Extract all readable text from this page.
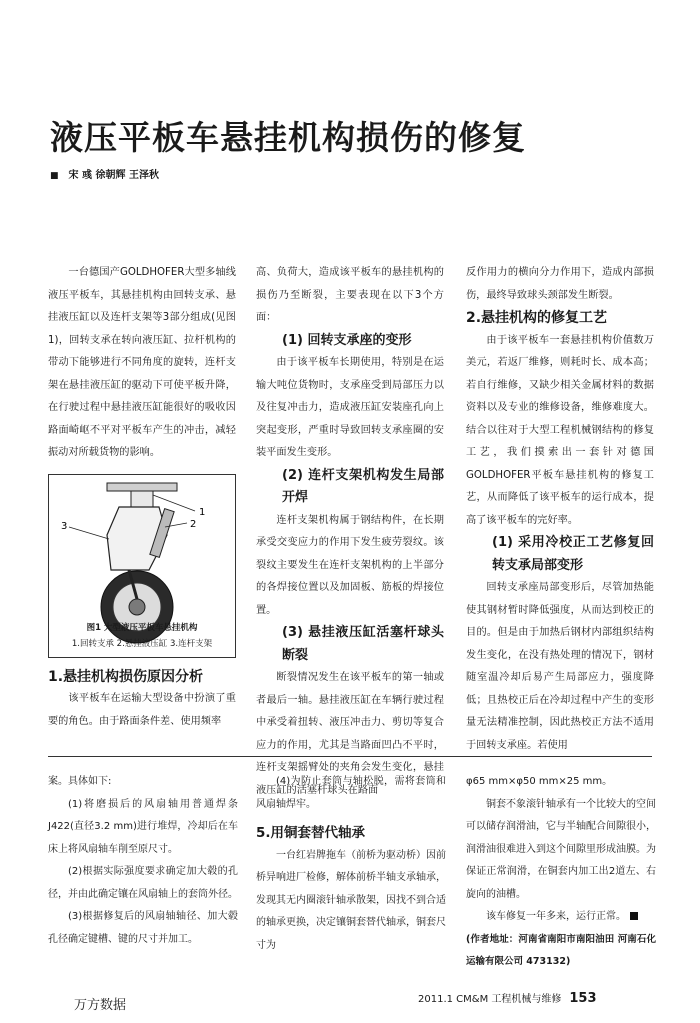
液压平板车悬挂机构损伤的修复
■ 宋 彧 徐朝辉 王泽秋

一台德国产GOLDHOFER大型多轴线液压平板车，其悬挂机构由回转支承、悬挂液压缸以及连杆支架等3部分组成(见图1)，回转支承在转向液压缸、拉杆机构的带动下能够进行不同角度的旋转，连杆支架在悬挂液压缸的驱动下可使平板升降，在行驶过程中悬挂液压缸能很好的吸收因路面崎岖不平对平板车产生的冲击，减轻振动对所载货物的影响。

1
2
3
图1 大型液压平板车悬挂机构
1.回转支承 2.悬挂液压缸 3.连杆支架
1.悬挂机构损伤原因分析

该平板车在运输大型设备中扮演了重要的角色。由于路面条件差、使用频率

高、负荷大，造成该平板车的悬挂机构的损伤乃至断裂，主要表现在以下3个方面：

(1) 回转支承座的变形

由于该平板车长期使用，特别是在运输大吨位货物时，支承座受到局部压力以及往复冲击力，造成液压缸安装座孔向上突起变形，严重时导致回转支承座圈的安装平面发生变形。

(2) 连杆支架机构发生局部开焊

连杆支架机构属于钢结构件，在长期承受交变应力的作用下发生疲劳裂纹。该裂纹主要发生在连杆支架机构的上半部分的各焊接位置以及加固板、筋板的焊接位置。

(3) 悬挂液压缸活塞杆球头断裂

断裂情况发生在该平板车的第一轴或者最后一轴。悬挂液压缸在车辆行驶过程中承受着扭转、液压冲击力、剪切等复合应力的作用，尤其是当路面凹凸不平时，连杆支架摇臂处的夹角会发生变化，悬挂液压缸的活塞杆球头在路面

反作用力的横向分力作用下，造成内部损伤，最终导致球头颈部发生断裂。

2.悬挂机构的修复工艺

由于该平板车一套悬挂机构价值数万美元，若返厂维修，则耗时长、成本高；若自行维修，又缺少相关金属材料的数据资料以及专业的维修设备，维修难度大。结合以往对于大型工程机械钢结构的修复工艺，我们摸索出一套针对德国GOLDHOFER平板车悬挂机构的修复工艺，从而降低了该平板车的运行成本，提高了该平板车的完好率。

(1) 采用冷校正工艺修复回转支承局部变形

回转支承座局部变形后，尽管加热能使其钢材暂时降低强度，从而达到校正的目的。但是由于加热后钢材内部组织结构发生变化，在没有热处理的情况下，钢材随室温冷却后易产生局部应力，强度降低；且热校正后在冷却过程中产生的变形量无法精准控制，因此热校正方法不适用于回转支承座。若使用

案。具体如下:

(1)将磨损后的风扇轴用普通焊条J422(直径3.2 mm)进行堆焊，冷却后在车床上将风扇轴车削至原尺寸。

(2)根据实际强度要求确定加大毂的孔径，并由此确定镶在风扇轴上的套筒外径。

(3)根据修复后的风扇轴轴径、加大毂孔径确定键槽、键的尺寸并加工。

(4)为防止套筒与轴松脱，需将套筒和风扇轴焊牢。

5.用铜套替代轴承

一台红岩牌拖车（前桥为驱动桥）因前桥异响进厂检修，解体前桥半轴支承轴承，发现其无内圈滚针轴承散架，因找不到合适的轴承更换，决定镶铜套替代轴承，铜套尺寸为

φ65 mm×φ50 mm×25 mm。

铜套不象滚针轴承有一个比较大的空间可以储存润滑油，它与半轴配合间隙很小，润滑油很难进入到这个间隙里形成油膜。为保证正常润滑，在铜套内加工出2道左、右旋向的油槽。

该车修复一年多来，运行正常。

(作者地址：河南省南阳市南阳油田 河南石化运输有限公司 473132)

万方数据	2011.1 CM&M 工程机械与维修 153
